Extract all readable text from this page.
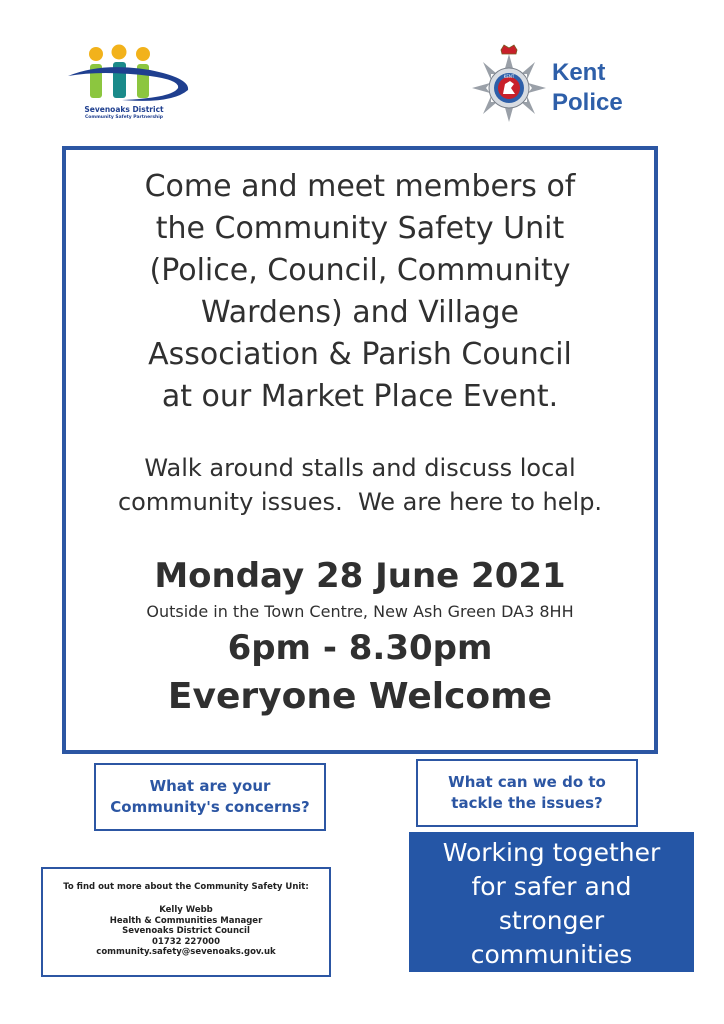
Sevenoaks District
Community Safety Partnership
KENT Kent
Police
Come and meet members of
the Community Safety Unit
(Police, Council, Community
Wardens) and Village
Association & Parish Council
at our Market Place Event.
Walk around stalls and discuss local
community issues.  We are here to help.
Monday 28 June 2021
Outside in the Town Centre, New Ash Green DA3 8HH
6pm - 8.30pm
Everyone Welcome
What are your
Community's concerns?
What can we do to
tackle the issues?
To find out more about the Community Safety Unit:
Kelly Webb
Health & Communities Manager
Sevenoaks District Council
01732 227000
community.safety@sevenoaks.gov.uk
Working together
for safer and
stronger
communities
